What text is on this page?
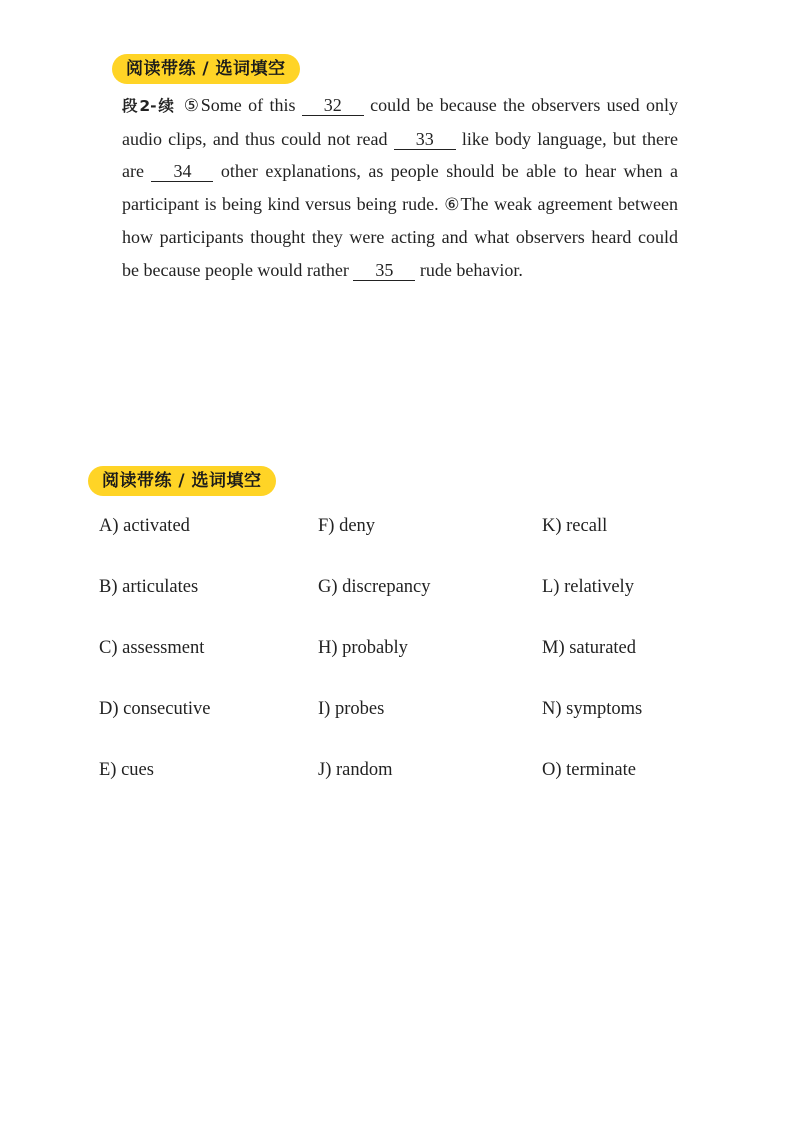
阅读带练 / 选词填空

段2-续 ⑤Some of this 32 could be because the observers used only audio clips, and thus could not read 33 like body language, but there are 34 other explanations, as people should be able to hear when a participant is being kind versus being rude. ⑥The weak agreement between how participants thought they were acting and what observers heard could be because people would rather 35 rude behavior.

阅读带练 / 选词填空
A) activated
B) articulates
C) assessment
D) consecutive
E) cues
F) deny
G) discrepancy
H) probably
I) probes
J) random
K) recall
L) relatively
M) saturated
N) symptoms
O) terminate
